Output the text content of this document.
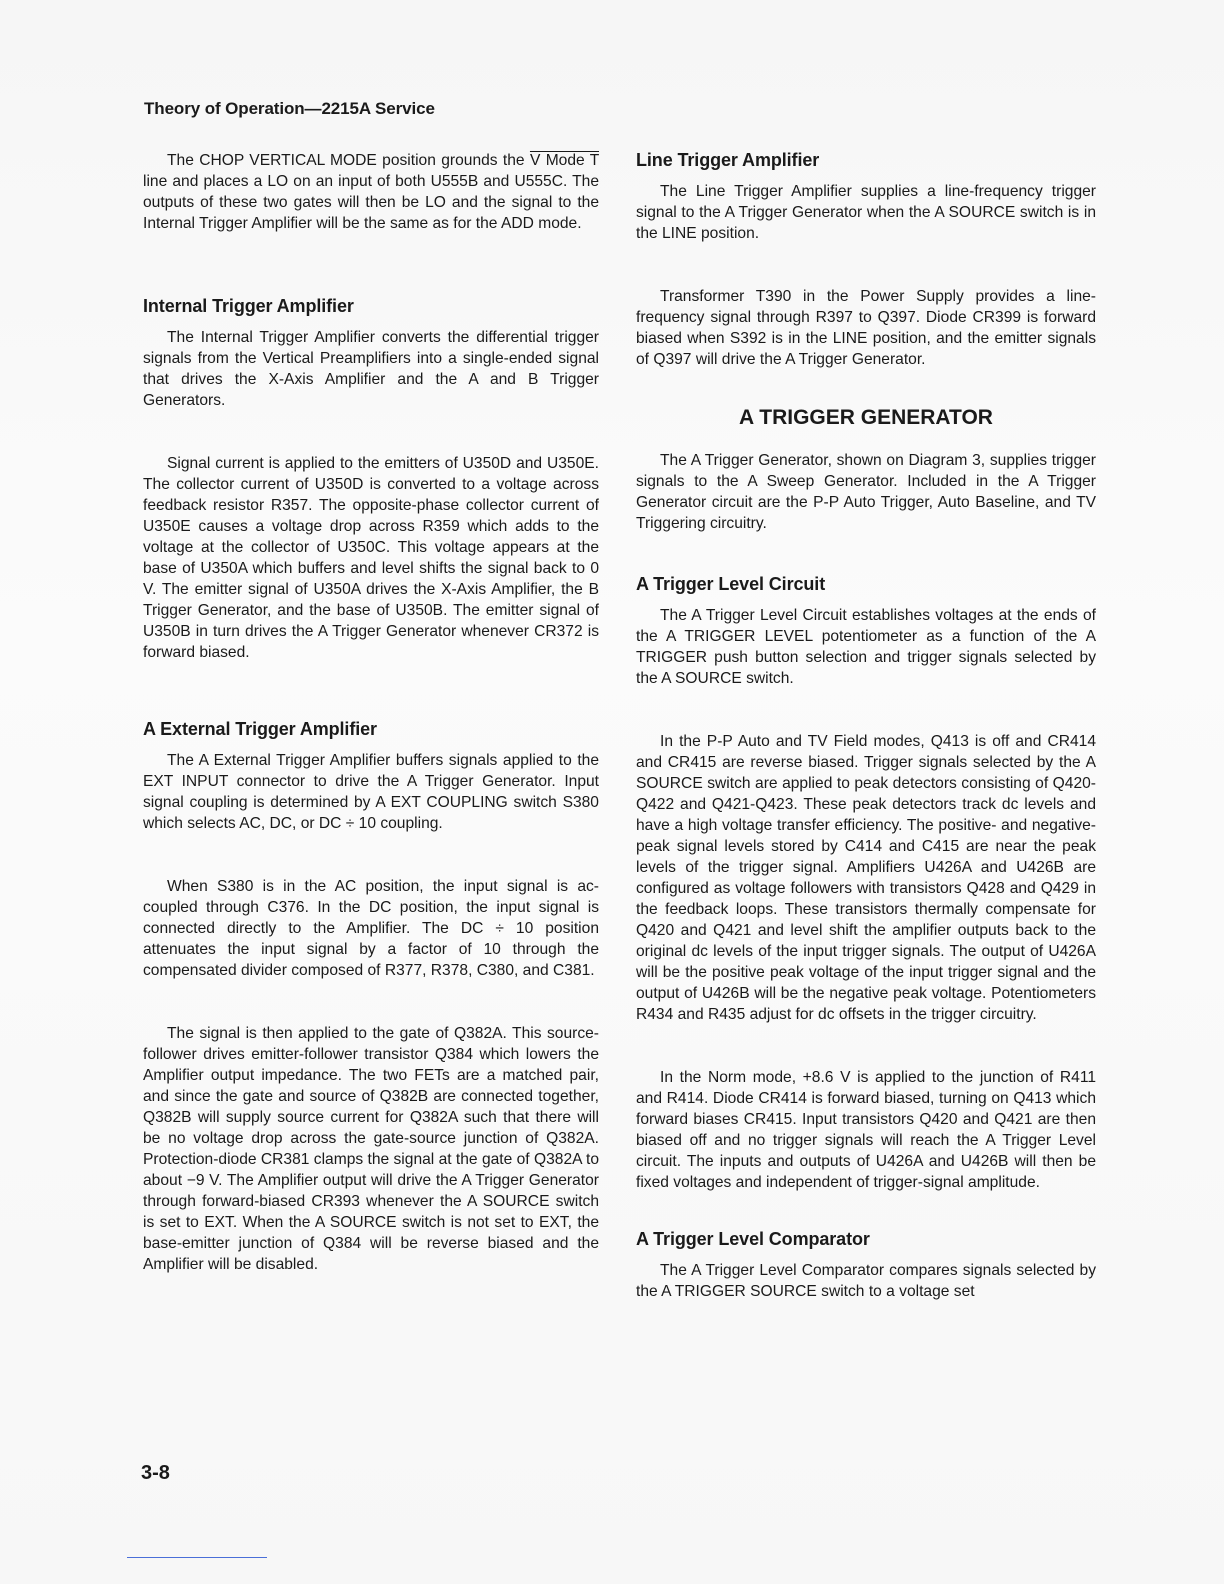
Theory of Operation—2215A Service

The CHOP VERTICAL MODE position grounds the V Mode T line and places a LO on an input of both U555B and U555C. The outputs of these two gates will then be LO and the signal to the Internal Trigger Amplifier will be the same as for the ADD mode.

Internal Trigger Amplifier

The Internal Trigger Amplifier converts the differential trigger signals from the Vertical Preamplifiers into a single-ended signal that drives the X-Axis Amplifier and the A and B Trigger Generators.

Signal current is applied to the emitters of U350D and U350E. The collector current of U350D is converted to a voltage across feedback resistor R357. The opposite-phase collector current of U350E causes a voltage drop across R359 which adds to the voltage at the collector of U350C. This voltage appears at the base of U350A which buffers and level shifts the signal back to 0 V. The emitter signal of U350A drives the X-Axis Amplifier, the B Trigger Generator, and the base of U350B. The emitter signal of U350B in turn drives the A Trigger Generator whenever CR372 is forward biased.

A External Trigger Amplifier

The A External Trigger Amplifier buffers signals applied to the EXT INPUT connector to drive the A Trigger Generator. Input signal coupling is determined by A EXT COUPLING switch S380 which selects AC, DC, or DC ÷ 10 coupling.

When S380 is in the AC position, the input signal is ac-coupled through C376. In the DC position, the input signal is connected directly to the Amplifier. The DC ÷ 10 position attenuates the input signal by a factor of 10 through the compensated divider composed of R377, R378, C380, and C381.

The signal is then applied to the gate of Q382A. This source-follower drives emitter-follower transistor Q384 which lowers the Amplifier output impedance. The two FETs are a matched pair, and since the gate and source of Q382B are connected together, Q382B will supply source current for Q382A such that there will be no voltage drop across the gate-source junction of Q382A. Protection-diode CR381 clamps the signal at the gate of Q382A to about −9 V. The Amplifier output will drive the A Trigger Generator through forward-biased CR393 whenever the A SOURCE switch is set to EXT. When the A SOURCE switch is not set to EXT, the base-emitter junction of Q384 will be reverse biased and the Amplifier will be disabled.

Line Trigger Amplifier

The Line Trigger Amplifier supplies a line-frequency trigger signal to the A Trigger Generator when the A SOURCE switch is in the LINE position.

Transformer T390 in the Power Supply provides a line-frequency signal through R397 to Q397. Diode CR399 is forward biased when S392 is in the LINE position, and the emitter signals of Q397 will drive the A Trigger Generator.

A TRIGGER GENERATOR

The A Trigger Generator, shown on Diagram 3, supplies trigger signals to the A Sweep Generator. Included in the A Trigger Generator circuit are the P-P Auto Trigger, Auto Baseline, and TV Triggering circuitry.

A Trigger Level Circuit

The A Trigger Level Circuit establishes voltages at the ends of the A TRIGGER LEVEL potentiometer as a function of the A TRIGGER push button selection and trigger signals selected by the A SOURCE switch.

In the P-P Auto and TV Field modes, Q413 is off and CR414 and CR415 are reverse biased. Trigger signals selected by the A SOURCE switch are applied to peak detectors consisting of Q420-Q422 and Q421-Q423. These peak detectors track dc levels and have a high voltage transfer efficiency. The positive- and negative-peak signal levels stored by C414 and C415 are near the peak levels of the trigger signal. Amplifiers U426A and U426B are configured as voltage followers with transistors Q428 and Q429 in the feedback loops. These transistors thermally compensate for Q420 and Q421 and level shift the amplifier outputs back to the original dc levels of the input trigger signals. The output of U426A will be the positive peak voltage of the input trigger signal and the output of U426B will be the negative peak voltage. Potentiometers R434 and R435 adjust for dc offsets in the trigger circuitry.

In the Norm mode, +8.6 V is applied to the junction of R411 and R414. Diode CR414 is forward biased, turning on Q413 which forward biases CR415. Input transistors Q420 and Q421 are then biased off and no trigger signals will reach the A Trigger Level circuit. The inputs and outputs of U426A and U426B will then be fixed voltages and independent of trigger-signal amplitude.

A Trigger Level Comparator

The A Trigger Level Comparator compares signals selected by the A TRIGGER SOURCE switch to a voltage set

3-8
